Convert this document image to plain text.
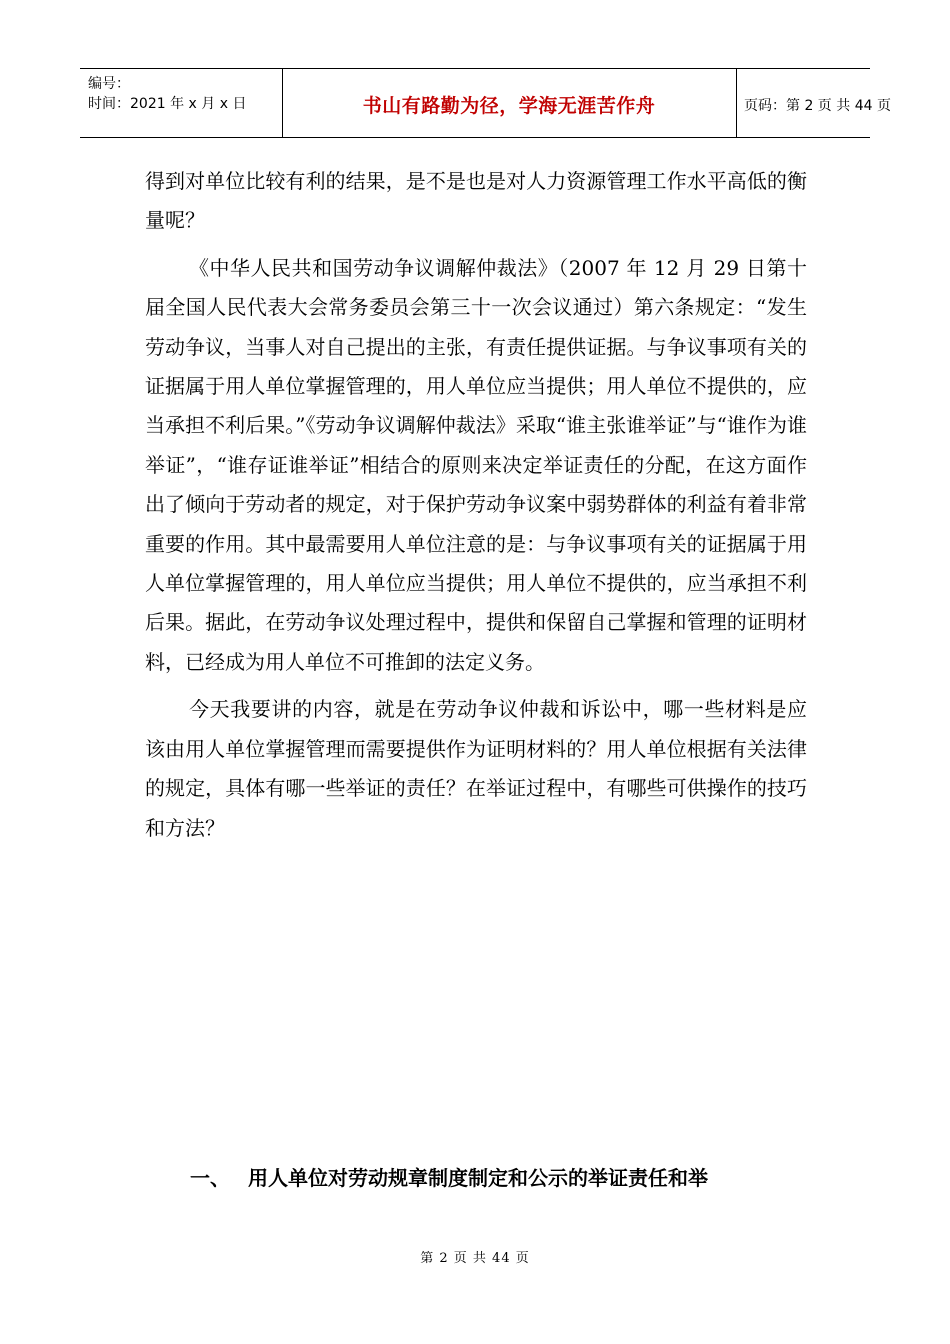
编号：
时间：2021 年 x 月 x 日	书山有路勤为径，学海无涯苦作舟	页码：第 2 页 共 44 页

得到对单位比较有利的结果，是不是也是对人力资源管理工作水平高低的衡量呢？

《中华人民共和国劳动争议调解仲裁法》（2007 年 12 月 29 日第十届全国人民代表大会常务委员会第三十一次会议通过）第六条规定：“发生劳动争议，当事人对自己提出的主张，有责任提供证据。与争议事项有关的证据属于用人单位掌握管理的，用人单位应当提供；用人单位不提供的，应当承担不利后果。”《劳动争议调解仲裁法》采取“谁主张谁举证”与“谁作为谁举证”，“谁存证谁举证”相结合的原则来决定举证责任的分配，在这方面作出了倾向于劳动者的规定，对于保护劳动争议案中弱势群体的利益有着非常重要的作用。其中最需要用人单位注意的是：与争议事项有关的证据属于用人单位掌握管理的，用人单位应当提供；用人单位不提供的，应当承担不利后果。据此，在劳动争议处理过程中，提供和保留自己掌握和管理的证明材料，已经成为用人单位不可推卸的法定义务。

今天我要讲的内容，就是在劳动争议仲裁和诉讼中，哪一些材料是应该由用人单位掌握管理而需要提供作为证明材料的？用人单位根据有关法律的规定，具体有哪一些举证的责任？在举证过程中，有哪些可供操作的技巧和方法？

一、 用人单位对劳动规章制度制定和公示的举证责任和举
第 2 页 共 44 页
